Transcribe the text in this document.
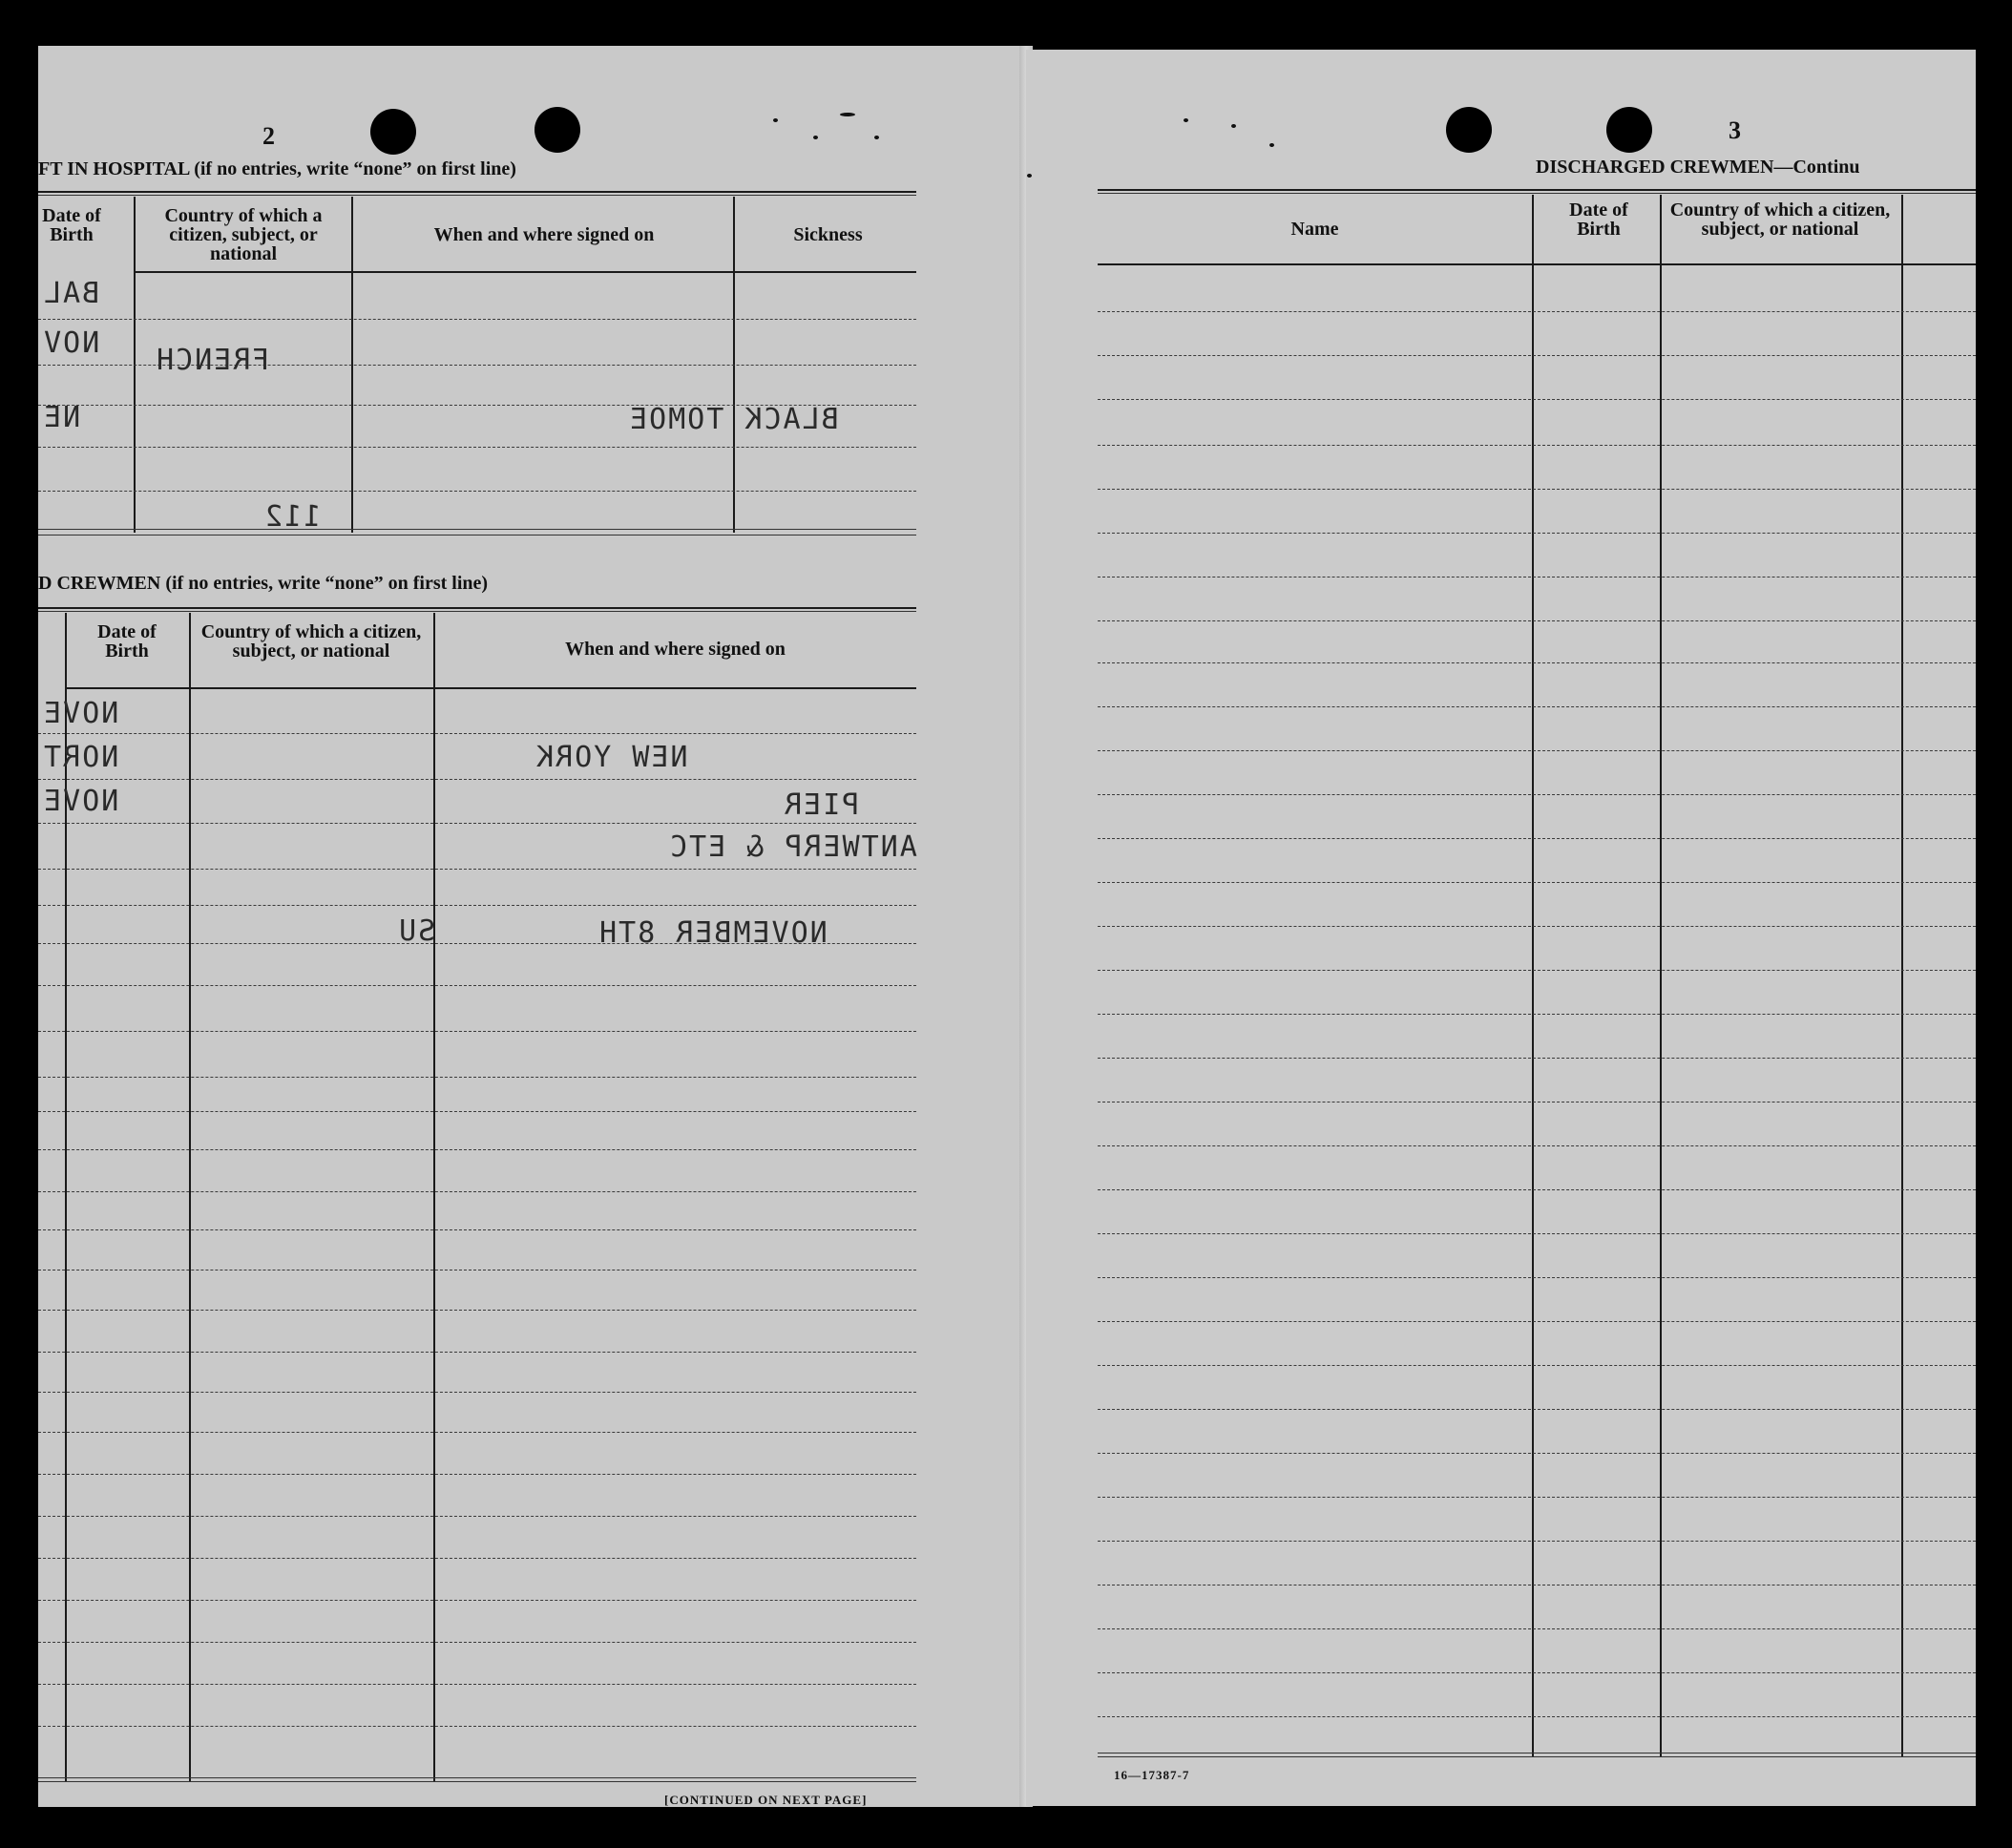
2
FT IN HOSPITAL (if no entries, write “none” on first line)
Date of Birth
Country of which a citizen, subject, or national
When and where signed on	Sickness
BAL
NOV
NE
FRENCH
BLACK TOMOE
112
D CREWMEN (if no entries, write “none” on first line)
Date of Birth
Country of which a citizen, subject, or national	When and where signed on
NOVE
NORT
NOVE
NEW YORK
PIER
ANTWERP & ETC
NOVEMBER 8TH
SU
[CONTINUED ON NEXT PAGE]
3
DISCHARGED CREWMEN—Continu
Name
Date of Birth
Country of which a citizen, subject, or national
16—17387-7
